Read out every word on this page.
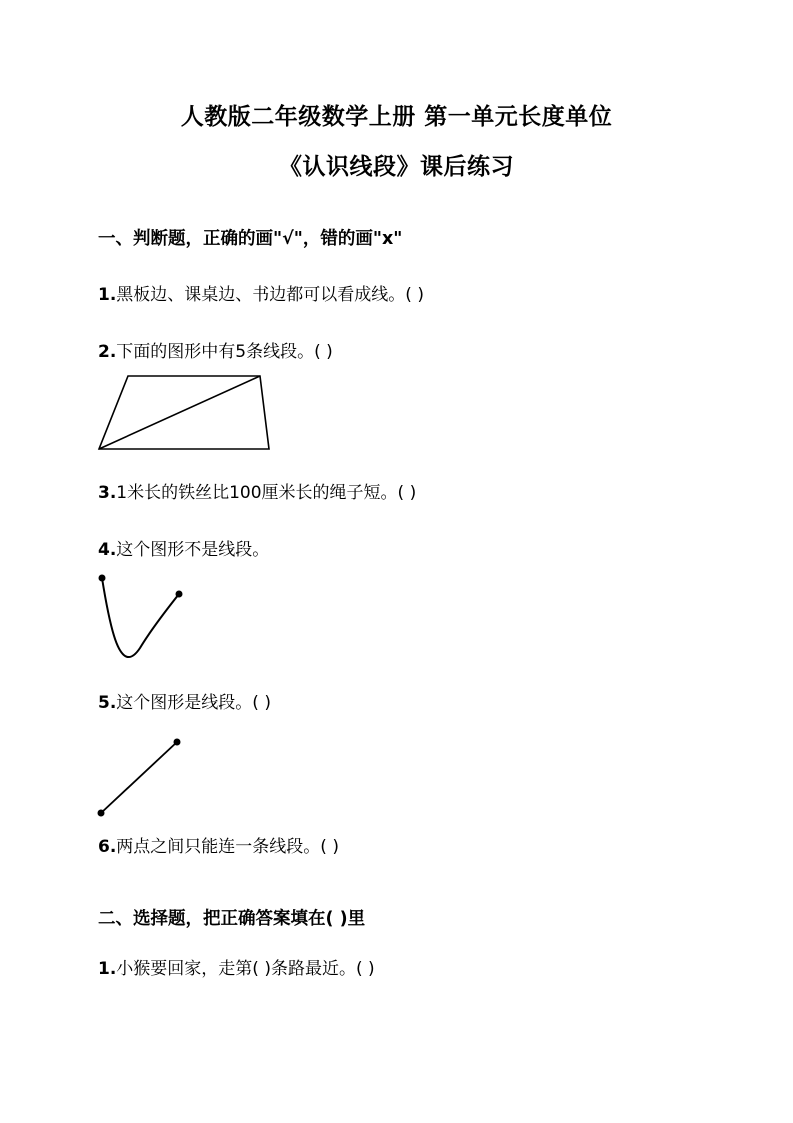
人教版二年级数学上册 第一单元长度单位
《认识线段》课后练习
一、判断题，正确的画"√"，错的画"x"
1.黑板边、课桌边、书边都可以看成线。( )
2.下面的图形中有5条线段。( )
3.1米长的铁丝比100厘米长的绳子短。( )
4.这个图形不是线段。
5.这个图形是线段。( )
6.两点之间只能连一条线段。( )
二、选择题，把正确答案填在( )里
1.小猴要回家，走第( )条路最近。( )
